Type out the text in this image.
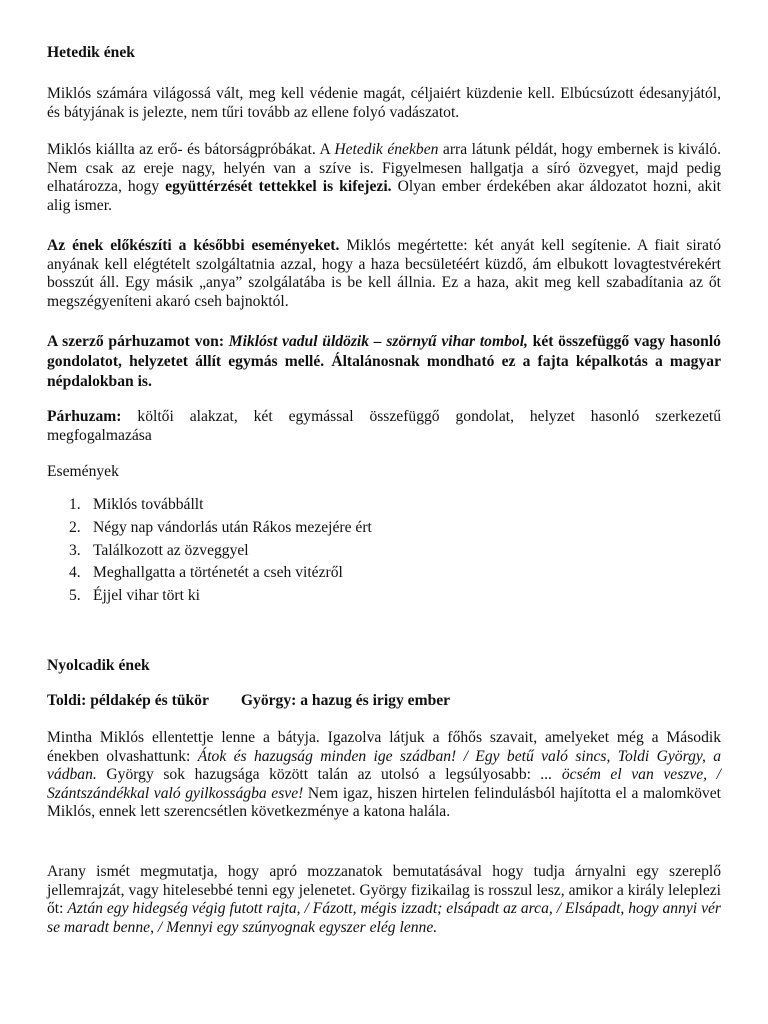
Hetedik ének

Miklós számára világossá vált, meg kell védenie magát, céljaiért küzdenie kell. Elbúcsúzott édesanyjától, és bátyjának is jelezte, nem tűri tovább az ellene folyó vadászatot.

Miklós kiállta az erő- és bátorságpróbákat. A Hetedik énekben arra látunk példát, hogy embernek is kiváló. Nem csak az ereje nagy, helyén van a szíve is. Figyelmesen hallgatja a síró özvegyet, majd pedig elhatározza, hogy együttérzését tettekkel is kifejezi. Olyan ember érdekében akar áldozatot hozni, akit alig ismer.

Az ének előkészíti a későbbi eseményeket. Miklós megértette: két anyát kell segítenie. A fiait sirató anyának kell elégtételt szolgáltatnia azzal, hogy a haza becsületéért küzdő, ám elbukott lovagtestvérekért bosszút áll. Egy másik „anya” szolgálatába is be kell állnia. Ez a haza, akit meg kell szabadítania az őt megszégyeníteni akaró cseh bajnoktól.

A szerző párhuzamot von: Miklóst vadul üldözik – szörnyű vihar tombol, két összefüggő vagy hasonló gondolatot, helyzetet állít egymás mellé. Általánosnak mondható ez a fajta képalkotás a magyar népdalokban is.

Párhuzam: költői alakzat, két egymással összefüggő gondolat, helyzet hasonló szerkezetű megfogalmazása

Események

1. Miklós továbbállt
2. Négy nap vándorlás után Rákos mezejére ért
3. Találkozott az özveggyel
4. Meghallgatta a történetét a cseh vitézről
5. Éjjel vihar tört ki
Nyolcadik ének
Toldi: példakép és tükör György: a hazug és irigy ember

Mintha Miklós ellentettje lenne a bátyja. Igazolva látjuk a főhős szavait, amelyeket még a Második énekben olvashattunk: Átok és hazugság minden ige szádban! / Egy betű való sincs, Toldi György, a vádban. György sok hazugsága között talán az utolsó a legsúlyosabb: ... öcsém el van veszve, / Szántszándékkal való gyilkosságba esve! Nem igaz, hiszen hirtelen felindulásból hajította el a malomkövet Miklós, ennek lett szerencsétlen következménye a katona halála.

Arany ismét megmutatja, hogy apró mozzanatok bemutatásával hogy tudja árnyalni egy szereplő jellemrajzát, vagy hitelesebbé tenni egy jelenetet. György fizikailag is rosszul lesz, amikor a király leleplezi őt: Aztán egy hidegség végig futott rajta, / Fázott, mégis izzadt; elsápadt az arca, / Elsápadt, hogy annyi vér se maradt benne, / Mennyi egy szúnyognak egyszer elég lenne.
